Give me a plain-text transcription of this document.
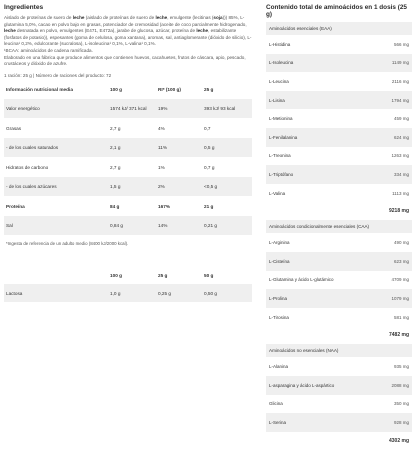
Ingredientes

Aislado de proteínas de suero de leche (aislado de proteínas de suero de leche, emulgente (lecitinas (soja))) 85%, L-glutamina 5,0%, cacao en polvo bajo en grasas, potenciador de cremosidad (aceite de coco parcialmente hidrogenado, leche desnatada en polvo, emulgentes (E471, E472a), jarabe de glucosa, azúcar, proteína de leche, estabilizante (fosfatos de potasio)), espesantes (goma de celulosa, goma xantana), aromas, sal, antiaglomerante (dióxido de silicio), L-leucina¹ 0,2%, edulcorante (sucralosa), L-isoleucina¹ 0,1%, L-valina¹ 0,1%.

¹BCAA: aminoácidos de cadena ramificada.

Elaborado en una fábrica que produce alimentos que contienen huevos, cacahuetes, frutos de cáscara, apio, pescado, crustáceos y dióxido de azufre.

1 ración: 25 g | Número de raciones del producto: 72
Información nutricional media	100 g	RI* (100 g)	25 g
Valor energético	1574 kJ/ 371 kcal	19%	393 kJ/ 93 kcal
Grasas	2,7 g	4%	0,7
- de los cuales saturados	2,1 g	11%	0,5 g
Hidratos de carbono	2,7 g	1%	0,7 g
- de los cuales azúcares	1,5 g	2%	<0,5 g
Proteína	84 g	167%	21 g
Sal	0,84 g	14%	0,21 g
*Ingesta de referencia de un adulto medio (8400 kJ/2000 kcal).
100 g	25 g	50 g
Lactosa	1,0 g	0,25 g	0,50 g
Contenido total de aminoácidos en 1 dosis (25 g)
Aminoácidos esenciales (EAA)
L-Histidina	566 mg
L-Isoleucina	1149 mg
L-Leucina	2116 mg
L-Lisina	1794 mg
L-Metionina	459 mg
L-Fenilalanina	624 mg
L-Treonina	1263 mg
L-Triptófano	334 mg
L-Valina	1113 mg
9218 mg
Aminoácidos condicionalmente esenciales (CAA)
L-Arginina	490 mg
L-Cisteína	623 mg
L-Glutamina y ácido L-glutámico	4709 mg
L-Prolina	1079 mg
L-Tirosina	581 mg
7482 mg
Aminoácidos no esenciales (NAA)
L-Alanina	935 mg
L-asparagina y ácido L-aspártico	2088 mg
Glicina	350 mg
L-Serina	928 mg
4302 mg
